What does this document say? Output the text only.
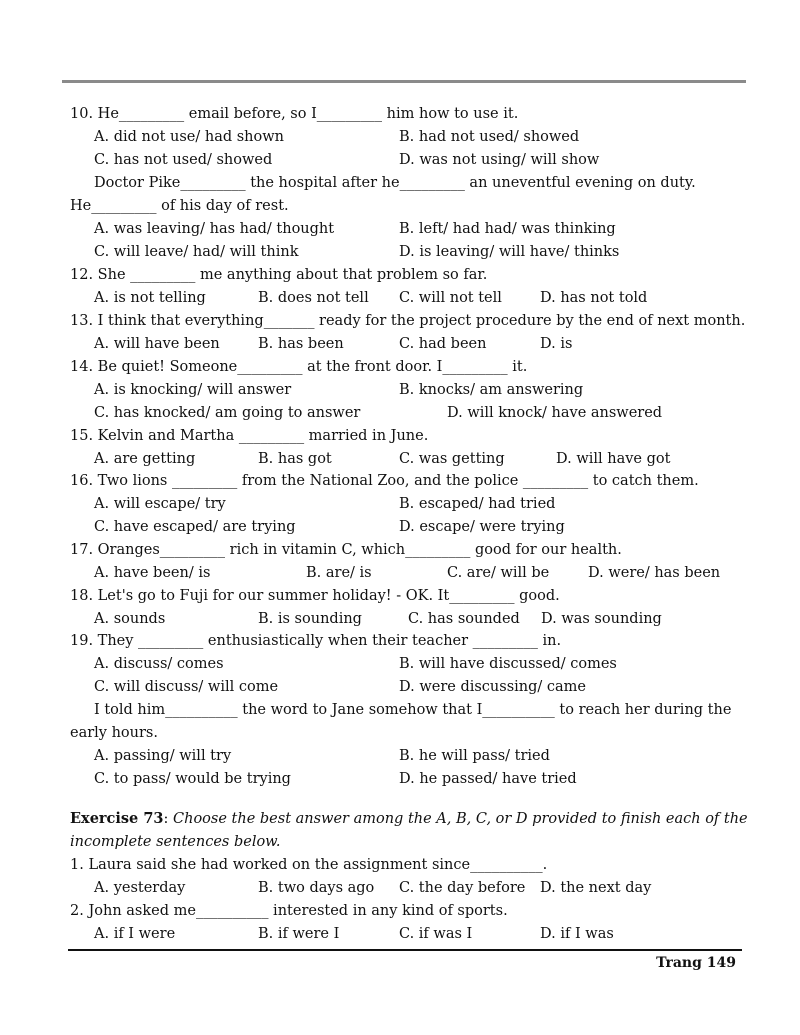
10. He_________ email before, so I_________ him how to use it.
A. did not use/ had shown	B. had not used/ showed
C. has not used/ showed	D. was not using/ will show
Doctor Pike_________ the hospital after he_________ an uneventful evening on duty.
He_________ of his day of rest.
A. was leaving/ has had/ thought	B. left/ had had/ was thinking
C. will leave/ had/ will think	D. is leaving/ will have/ thinks
12. She _________ me anything about that problem so far.
A. is not telling	B. does not tell C. will not tell	D. has not told
13. I think that everything_______ ready for the project procedure by the end of next month.
A. will have been	B. has been	C. had been	D. is
14. Be quiet! Someone_________ at the front door. I_________ it.
A. is knocking/ will answer	B. knocks/ am answering
C. has knocked/ am going to answer	D. will knock/ have answered
15. Kelvin and Martha _________ married in June.
A. are getting	B. has got	C. was getting	D. will have got
16. Two lions _________ from the National Zoo, and the police _________ to catch them.
A. will escape/ try	B. escaped/ had tried
C. have escaped/ are trying	D. escape/ were trying
17. Oranges_________ rich in vitamin C, which_________ good for our health.
A. have been/ is	B. are/ is	C. are/ will be	D. were/ has been
18. Let's go to Fuji for our summer holiday! - OK. It_________ good.
A. sounds	B. is sounding	C. has sounded D. was sounding
19. They _________ enthusiastically when their teacher _________ in.
A. discuss/ comes	B. will have discussed/ comes
C. will discuss/ will come	D. were discussing/ came
I told him__________ the word to Jane somehow that I__________ to reach her during the
early hours.
A. passing/ will try	B. he will pass/ tried
C. to pass/ would be trying	D. he passed/ have tried
Exercise 73: Choose the best answer among the A, B, C, or D provided to finish each of the
incomplete sentences below.
1. Laura said she had worked on the assignment since__________.
A. yesterday	B. two days ago C. the day before D. the next day
2. John asked me__________ interested in any kind of sports.
A. if I were	B. if were I	C. if was I	D. if I was
Trang 149
